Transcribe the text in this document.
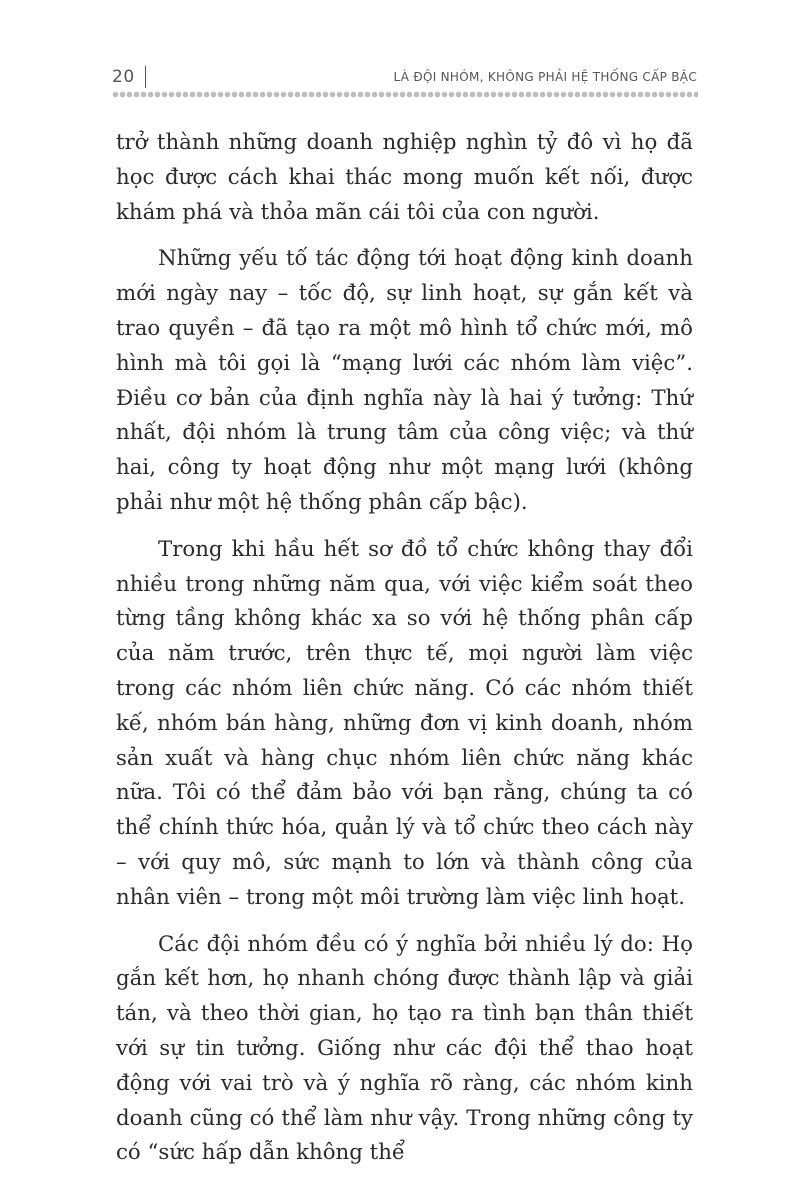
20	LÀ ĐỘI NHÓM, KHÔNG PHẢI HỆ THỐNG CẤP BẬC

trở thành những doanh nghiệp nghìn tỷ đô vì họ đã học được cách khai thác mong muốn kết nối, được khám phá và thỏa mãn cái tôi của con người.

Những yếu tố tác động tới hoạt động kinh doanh mới ngày nay – tốc độ, sự linh hoạt, sự gắn kết và trao quyền – đã tạo ra một mô hình tổ chức mới, mô hình mà tôi gọi là “mạng lưới các nhóm làm việc”. Điều cơ bản của định nghĩa này là hai ý tưởng: Thứ nhất, đội nhóm là trung tâm của công việc; và thứ hai, công ty hoạt động như một mạng lưới (không phải như một hệ thống phân cấp bậc).

Trong khi hầu hết sơ đồ tổ chức không thay đổi nhiều trong những năm qua, với việc kiểm soát theo từng tầng không khác xa so với hệ thống phân cấp của năm trước, trên thực tế, mọi người làm việc trong các nhóm liên chức năng. Có các nhóm thiết kế, nhóm bán hàng, những đơn vị kinh doanh, nhóm sản xuất và hàng chục nhóm liên chức năng khác nữa. Tôi có thể đảm bảo với bạn rằng, chúng ta có thể chính thức hóa, quản lý và tổ chức theo cách này – với quy mô, sức mạnh to lớn và thành công của nhân viên – trong một môi trường làm việc linh hoạt.

Các đội nhóm đều có ý nghĩa bởi nhiều lý do: Họ gắn kết hơn, họ nhanh chóng được thành lập và giải tán, và theo thời gian, họ tạo ra tình bạn thân thiết với sự tin tưởng. Giống như các đội thể thao hoạt động với vai trò và ý nghĩa rõ ràng, các nhóm kinh doanh cũng có thể làm như vậy. Trong những công ty có “sức hấp dẫn không thể
